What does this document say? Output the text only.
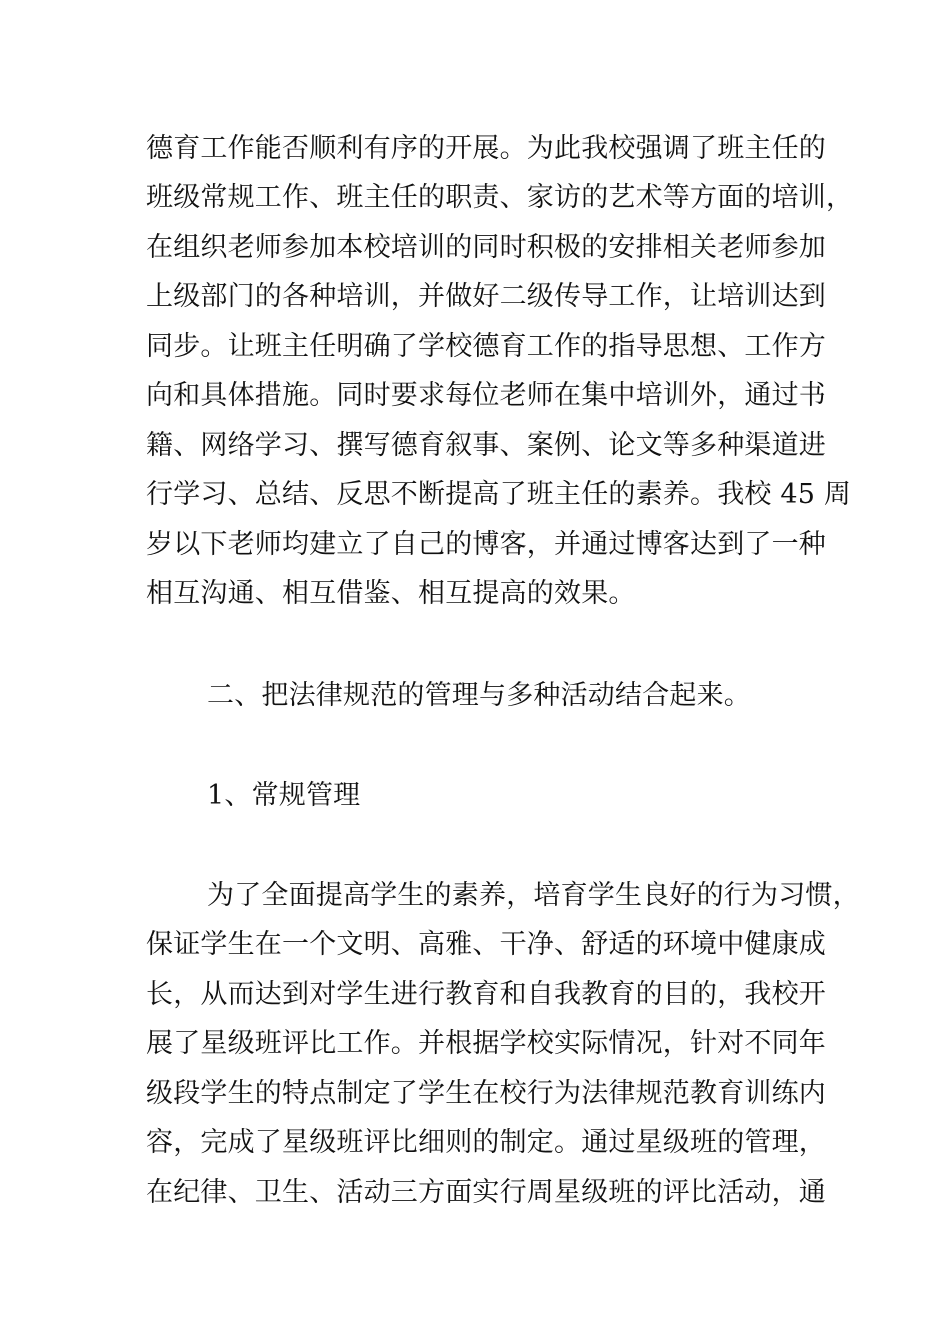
德育工作能否顺利有序的开展。为此我校强调了班主任的
班级常规工作、班主任的职责、家访的艺术等方面的培训，
在组织老师参加本校培训的同时积极的安排相关老师参加
上级部门的各种培训，并做好二级传导工作，让培训达到
同步。让班主任明确了学校德育工作的指导思想、工作方
向和具体措施。同时要求每位老师在集中培训外，通过书
籍、网络学习、撰写德育叙事、案例、论文等多种渠道进
行学习、总结、反思不断提高了班主任的素养。我校 45 周
岁以下老师均建立了自己的博客，并通过博客达到了一种
相互沟通、相互借鉴、相互提高的效果。
二、把法律规范的管理与多种活动结合起来。
1、常规管理
为了全面提高学生的素养，培育学生良好的行为习惯，
保证学生在一个文明、高雅、干净、舒适的环境中健康成
长，从而达到对学生进行教育和自我教育的目的，我校开
展了星级班评比工作。并根据学校实际情况，针对不同年
级段学生的特点制定了学生在校行为法律规范教育训练内
容，完成了星级班评比细则的制定。通过星级班的管理，
在纪律、卫生、活动三方面实行周星级班的评比活动，通
